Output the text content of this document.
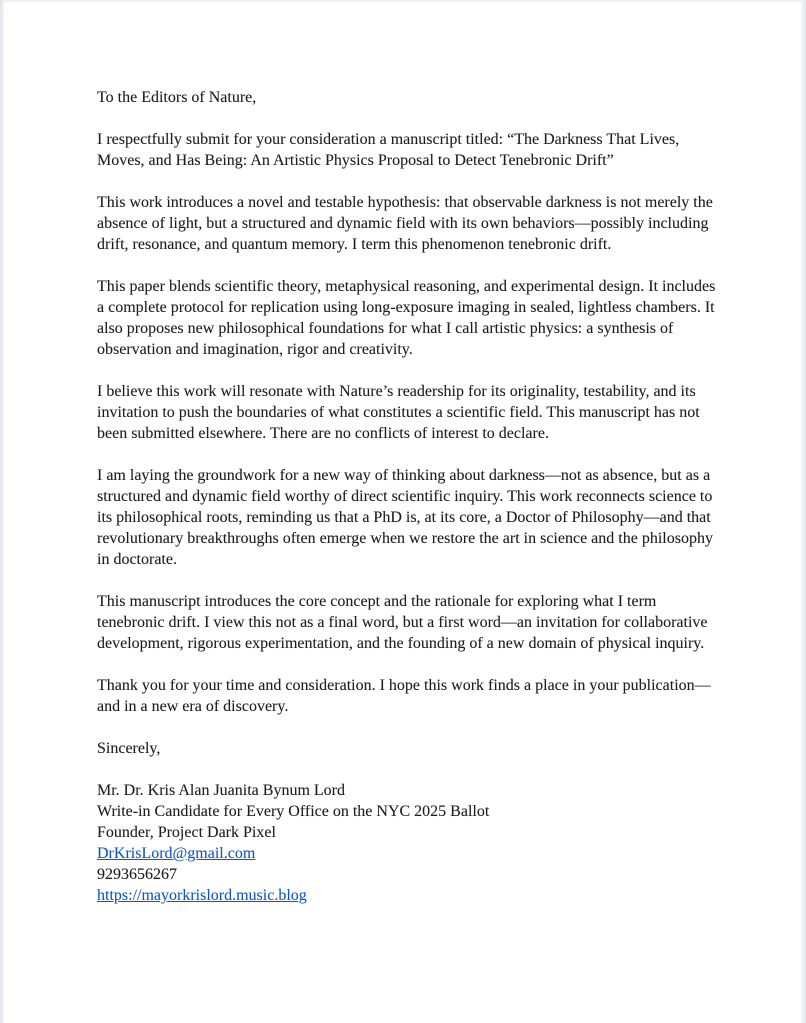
To the Editors of Nature,
I respectfully submit for your consideration a manuscript titled: “The Darkness That Lives,
Moves, and Has Being: An Artistic Physics Proposal to Detect Tenebronic Drift”
This work introduces a novel and testable hypothesis: that observable darkness is not merely the
absence of light, but a structured and dynamic field with its own behaviors—possibly including
drift, resonance, and quantum memory. I term this phenomenon tenebronic drift.
This paper blends scientific theory, metaphysical reasoning, and experimental design. It includes
a complete protocol for replication using long-exposure imaging in sealed, lightless chambers. It
also proposes new philosophical foundations for what I call artistic physics: a synthesis of
observation and imagination, rigor and creativity.
I believe this work will resonate with Nature’s readership for its originality, testability, and its
invitation to push the boundaries of what constitutes a scientific field. This manuscript has not
been submitted elsewhere. There are no conflicts of interest to declare.
I am laying the groundwork for a new way of thinking about darkness—not as absence, but as a
structured and dynamic field worthy of direct scientific inquiry. This work reconnects science to
its philosophical roots, reminding us that a PhD is, at its core, a Doctor of Philosophy—and that
revolutionary breakthroughs often emerge when we restore the art in science and the philosophy
in doctorate.
This manuscript introduces the core concept and the rationale for exploring what I term
tenebronic drift. I view this not as a final word, but a first word—an invitation for collaborative
development, rigorous experimentation, and the founding of a new domain of physical inquiry.
Thank you for your time and consideration. I hope this work finds a place in your publication—
and in a new era of discovery.
Sincerely,
Mr. Dr. Kris Alan Juanita Bynum Lord
Write-in Candidate for Every Office on the NYC 2025 Ballot
Founder, Project Dark Pixel
DrKrisLord@gmail.com
9293656267
https://mayorkrislord.music.blog
